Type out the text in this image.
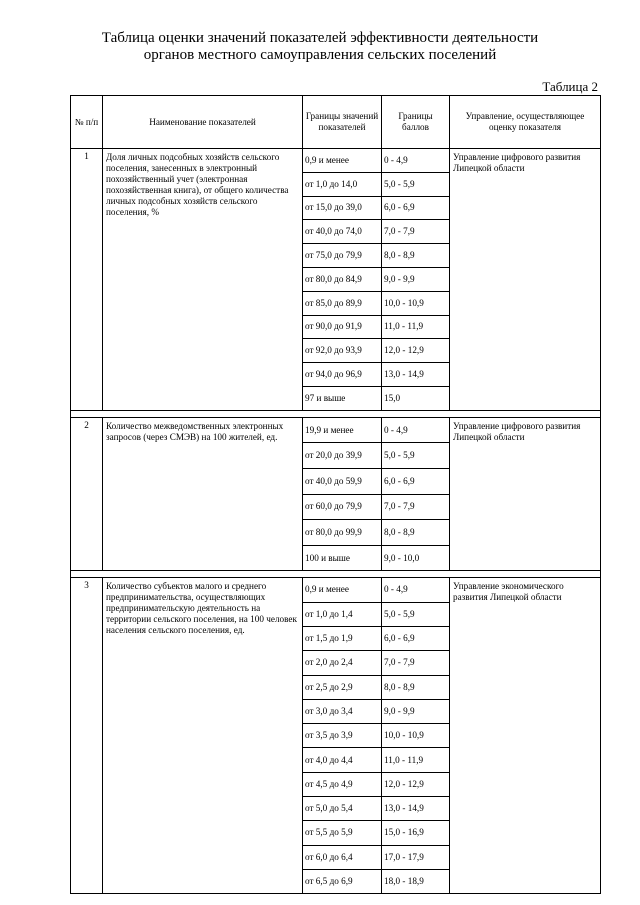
Таблица оценки значений показателей эффективности деятельности
органов местного самоуправления сельских поселений
Таблица 2
№ п/п	Наименование показателей	Границы значений показателей	Границы баллов	Управление, осуществляющее оценку показателя
1	Доля личных подсобных хозяйств сельского поселения, занесенных в электронный похозяйственный учет (электронная похозяйственная книга), от общего количества личных подсобных хозяйств сельского поселения, %	0,9 и менее	0 - 4,9	Управление цифрового развития Липецкой области
		от 1,0 до 14,0	5,0 - 5,9	
		от 15,0 до 39,0	6,0 - 6,9	
		от 40,0 до 74,0	7,0 - 7,9	
		от 75,0 до 79,9	8,0 - 8,9	
		от 80,0 до 84,9	9,0 - 9,9	
		от 85,0 до 89,9	10,0 - 10,9	
		от 90,0 до 91,9	11,0 - 11,9	
		от 92,0 до 93,9	12,0 - 12,9	
		от 94,0 до 96,9	13,0 - 14,9	
		97 и выше	15,0	

2	Количество межведомственных электронных запросов (через СМЭВ) на 100 жителей, ед.	19,9 и менее	0 - 4,9	Управление цифрового развития Липецкой области
		от 20,0 до 39,9	5,0 - 5,9	
		от 40,0 до 59,9	6,0 - 6,9	
		от 60,0 до 79,9	7,0 - 7,9	
		от 80,0 до 99,9	8,0 - 8,9	
		100 и выше	9,0 - 10,0	

3	Количество субъектов малого и среднего предпринимательства, осуществляющих предпринимательскую деятельность на территории сельского поселения, на 100 человек населения сельского поселения, ед.	0,9 и менее	0 - 4,9	Управление экономического развития Липецкой области
		от 1,0 до 1,4	5,0 - 5,9	
		от 1,5 до 1,9	6,0 - 6,9	
		от 2,0 до 2,4	7,0 - 7,9	
		от 2,5 до 2,9	8,0 - 8,9	
		от 3,0 до 3,4	9,0 - 9,9	
		от 3,5 до 3,9	10,0 - 10,9	
		от 4,0 до 4,4	11,0 - 11,9	
		от 4,5 до 4,9	12,0 - 12,9	
		от 5,0 до 5,4	13,0 - 14,9	
		от 5,5 до 5,9	15,0 - 16,9	
		от 6,0 до 6,4	17,0 - 17,9	
		от 6,5 до 6,9	18,0 - 18,9	
